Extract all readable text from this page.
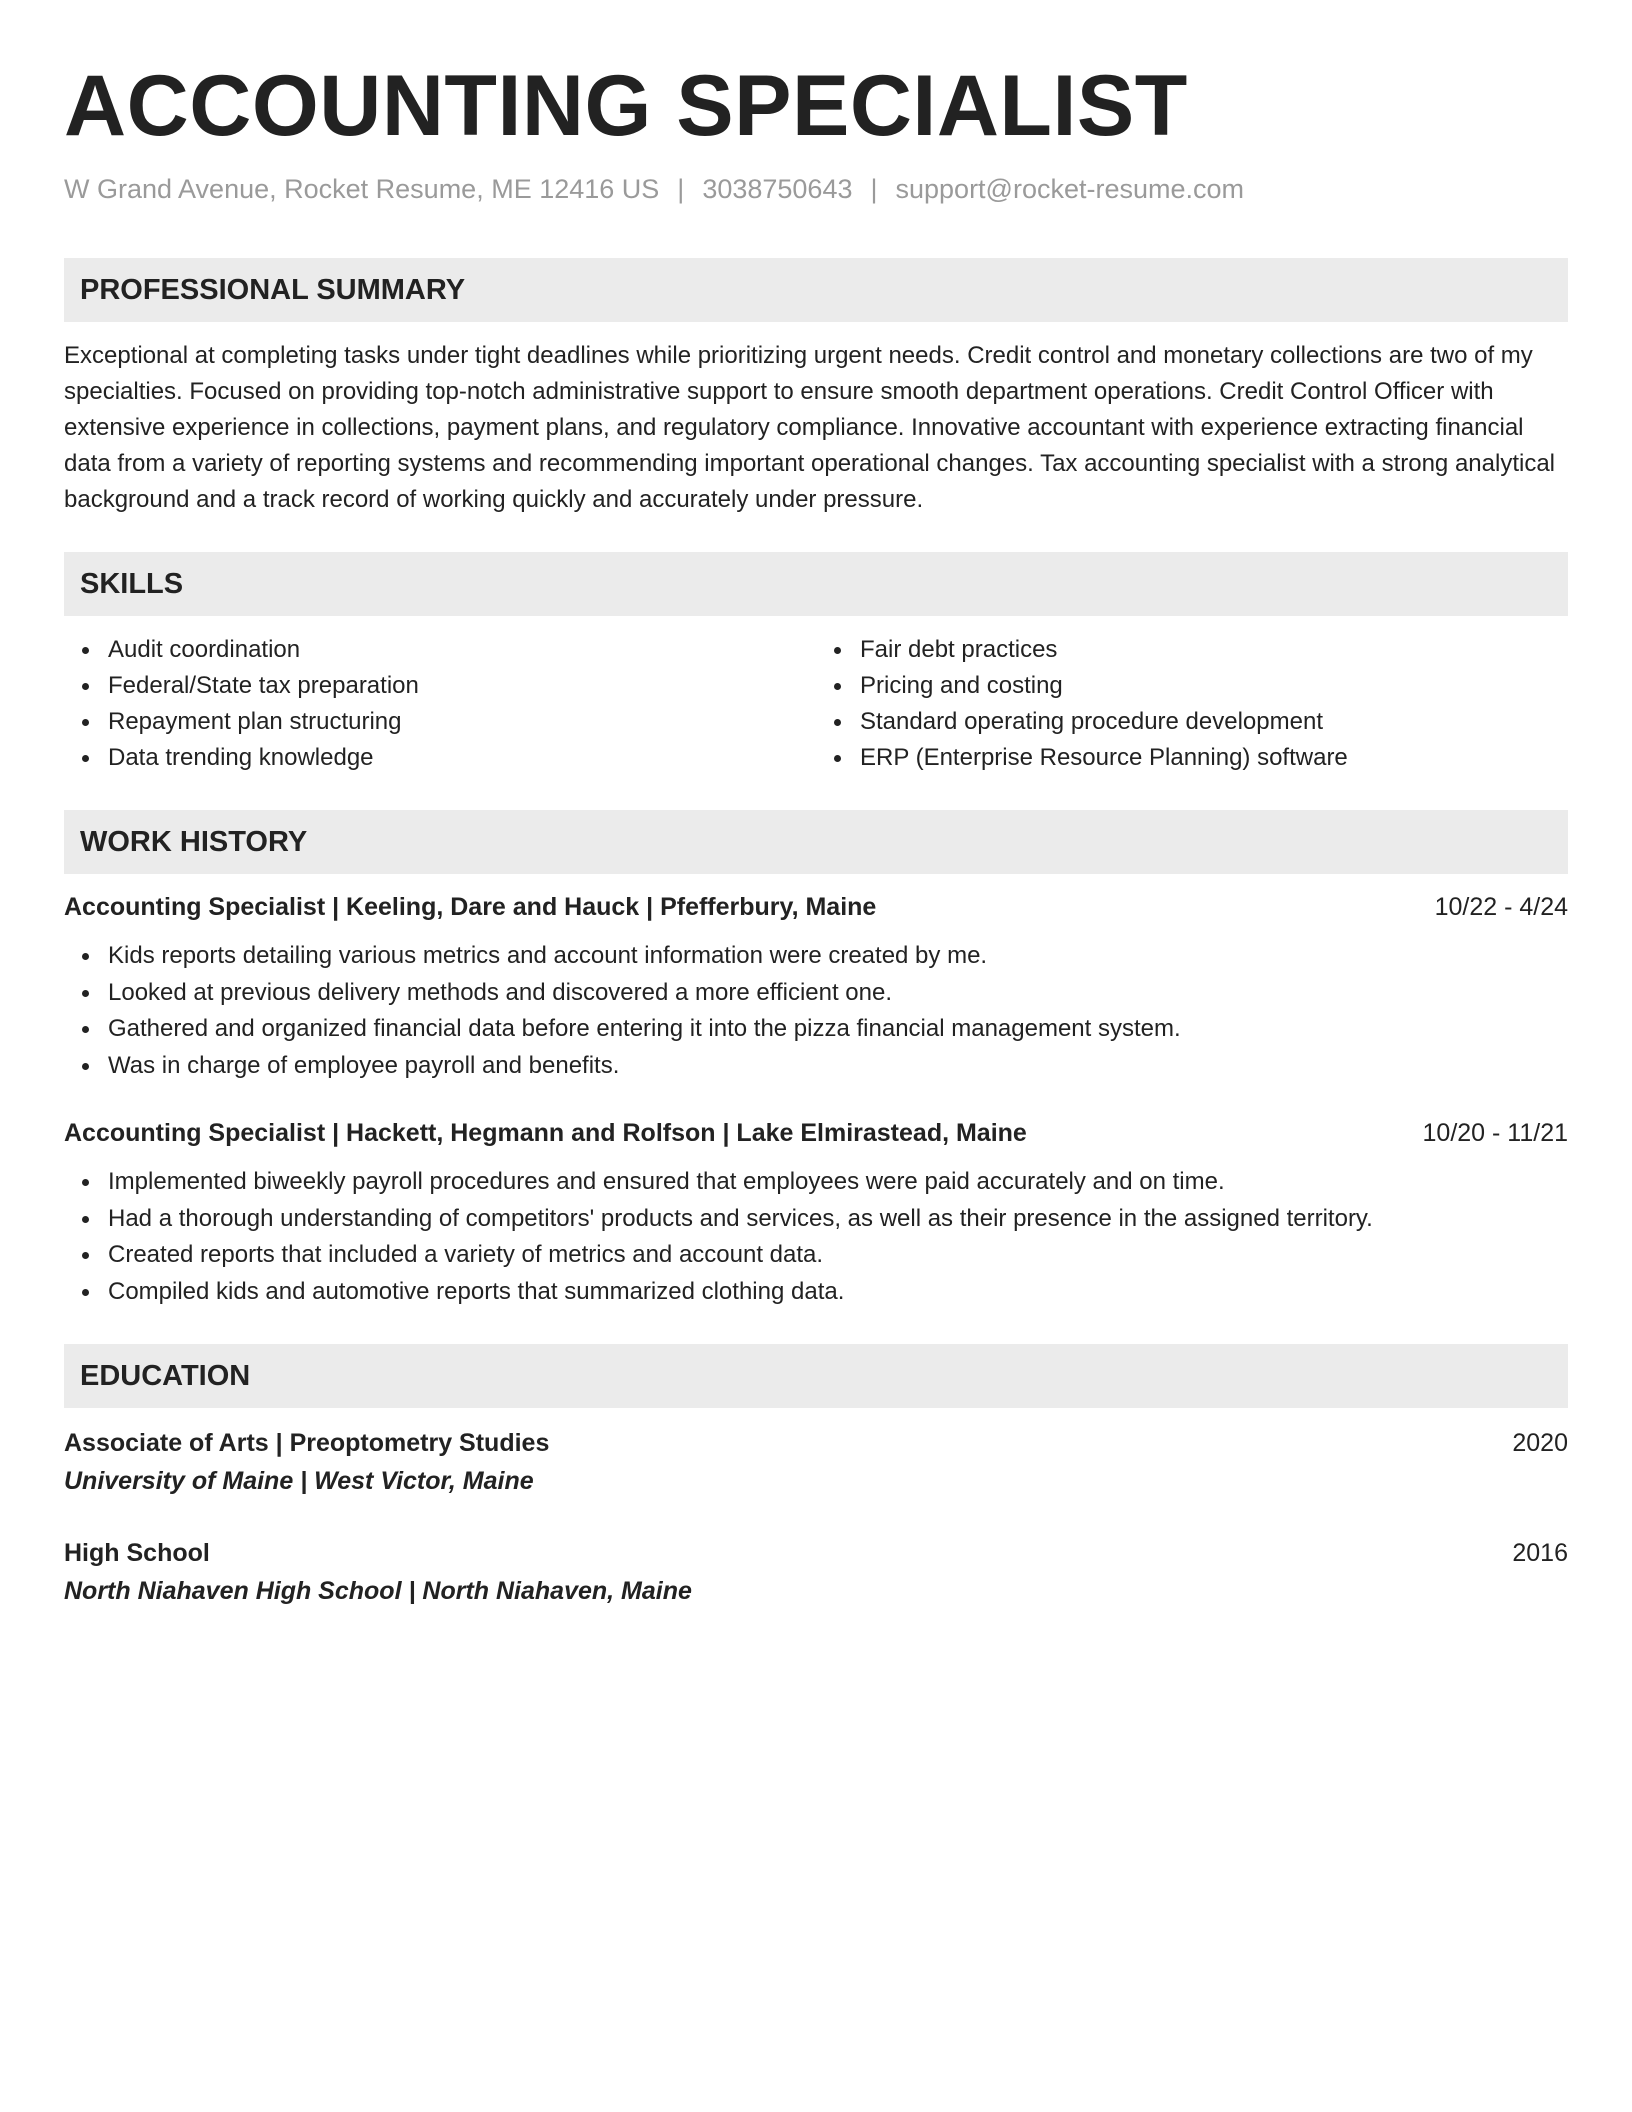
ACCOUNTING SPECIALIST
W Grand Avenue, Rocket Resume, ME 12416 US | 3038750643 | support@rocket-resume.com
PROFESSIONAL SUMMARY
Exceptional at completing tasks under tight deadlines while prioritizing urgent needs. Credit control and monetary collections are two of my specialties. Focused on providing top-notch administrative support to ensure smooth department operations. Credit Control Officer with extensive experience in collections, payment plans, and regulatory compliance. Innovative accountant with experience extracting financial data from a variety of reporting systems and recommending important operational changes. Tax accounting specialist with a strong analytical background and a track record of working quickly and accurately under pressure.
SKILLS
Audit coordination
Federal/State tax preparation
Repayment plan structuring
Data trending knowledge
Fair debt practices
Pricing and costing
Standard operating procedure development
ERP (Enterprise Resource Planning) software
WORK HISTORY
Accounting Specialist | Keeling, Dare and Hauck | Pfefferbury, Maine	10/22 - 4/24
Kids reports detailing various metrics and account information were created by me.
Looked at previous delivery methods and discovered a more efficient one.
Gathered and organized financial data before entering it into the pizza financial management system.
Was in charge of employee payroll and benefits.
Accounting Specialist | Hackett, Hegmann and Rolfson | Lake Elmirastead, Maine	10/20 - 11/21
Implemented biweekly payroll procedures and ensured that employees were paid accurately and on time.
Had a thorough understanding of competitors' products and services, as well as their presence in the assigned territory.
Created reports that included a variety of metrics and account data.
Compiled kids and automotive reports that summarized clothing data.
EDUCATION
Associate of Arts | Preoptometry Studies	2020
University of Maine | West Victor, Maine
High School	2016
North Niahaven High School | North Niahaven, Maine
